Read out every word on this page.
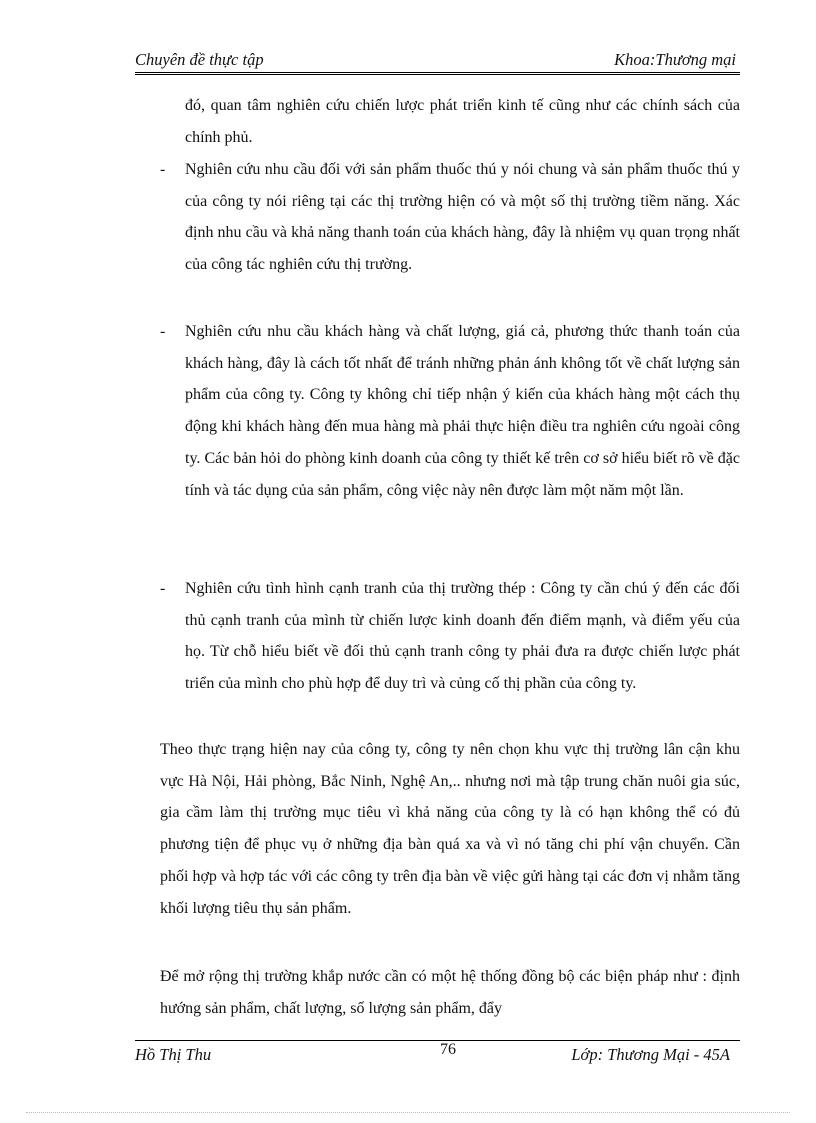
Chuyên đề thực tập	Khoa:Thương mại
đó, quan tâm nghiên cứu chiến lược phát triển kinh tế cũng như các chính sách của chính phủ.
- Nghiên cứu nhu cầu đối với sản phẩm thuốc thú y nói chung và sản phẩm thuốc thú y của công ty nói riêng tại các thị trường hiện có và một số thị trường tiềm năng. Xác định nhu cầu và khả năng thanh toán của khách hàng, đây là nhiệm vụ quan trọng nhất của công tác nghiên cứu thị trường.
- Nghiên cứu nhu cầu khách hàng và chất lượng, giá cả, phương thức thanh toán của khách hàng, đây là cách tốt nhất để tránh những phản ánh không tốt về chất lượng sản phẩm của công ty. Công ty không chỉ tiếp nhận ý kiến của khách hàng một cách thụ động khi khách hàng đến mua hàng mà phải thực hiện điều tra nghiên cứu ngoài công ty. Các bản hỏi do phòng kinh doanh của công ty thiết kế trên cơ sở hiểu biết rõ về đặc tính và tác dụng của sản phẩm, công việc này nên được làm một năm một lần.
- Nghiên cứu tình hình cạnh tranh của thị trường thép : Công ty cần chú ý đến các đối thủ cạnh tranh của mình từ chiến lược kinh doanh đến điểm mạnh, và điểm yếu của họ. Từ chỗ hiểu biết về đối thủ cạnh tranh công ty phải đưa ra được chiến lược phát triển của mình cho phù hợp để duy trì và củng cố thị phần của công ty.
Theo thực trạng hiện nay của công ty, công ty nên chọn khu vực thị trường lân cận khu vực Hà Nội, Hải phòng, Bắc Ninh, Nghệ An,.. nhưng nơi mà tập trung chăn nuôi gia súc, gia cầm làm thị trường mục tiêu vì khả năng của công ty là có hạn không thể có đủ phương tiện để phục vụ ở những địa bàn quá xa và vì nó tăng chi phí vận chuyển. Cần phối hợp và hợp tác với các công ty trên địa bàn về việc gửi hàng tại các đơn vị nhằm tăng khối lượng tiêu thụ sản phẩm.
Để mở rộng thị trường khắp nước cần có một hệ thống đồng bộ các biện pháp như : định hướng sản phẩm, chất lượng, số lượng sản phẩm, đẩy
Hồ Thị Thu	76	Lớp: Thương Mại - 45A
